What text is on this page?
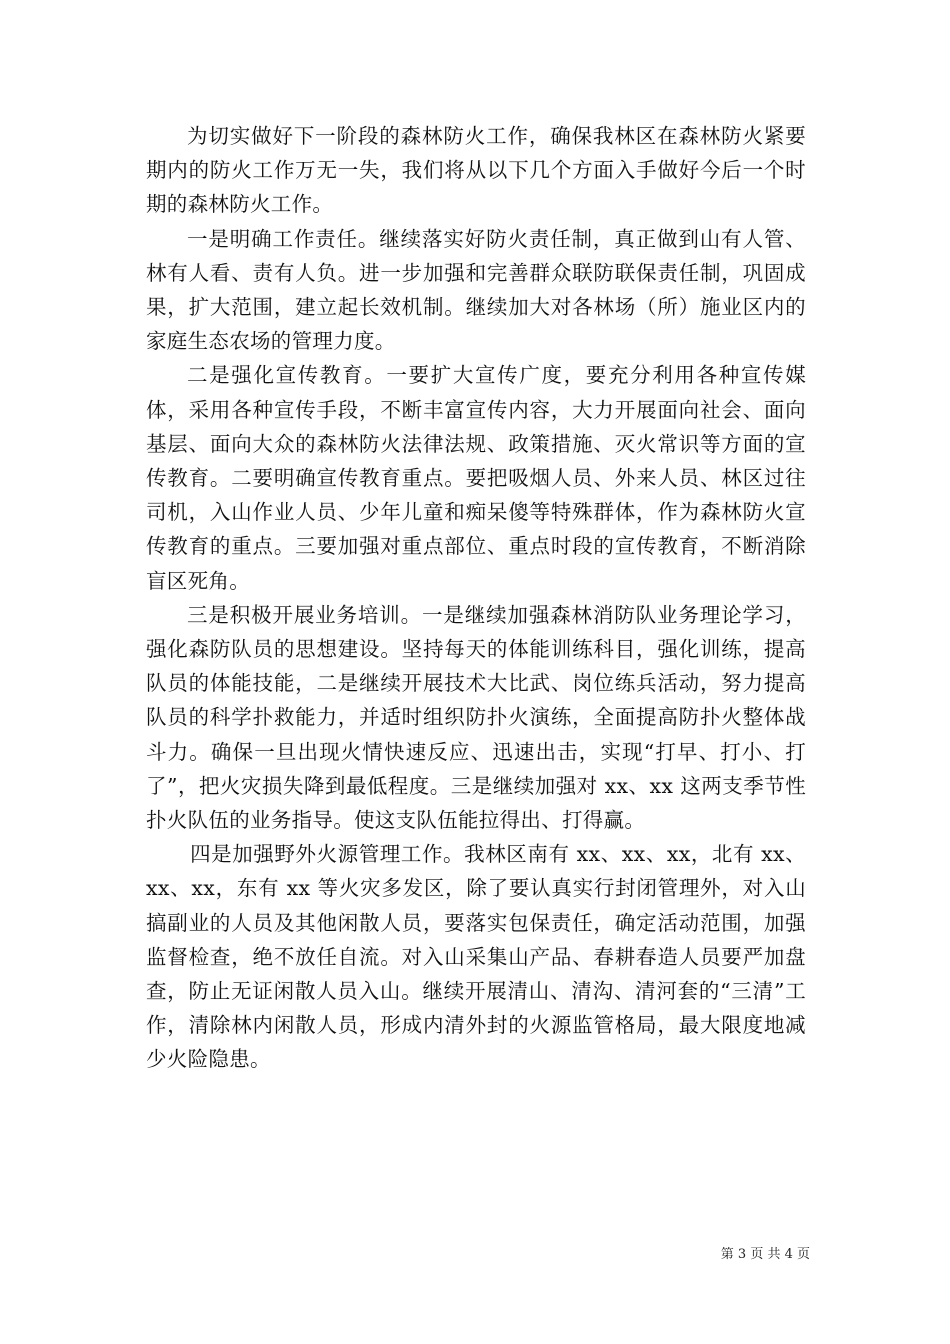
为切实做好下一阶段的森林防火工作，确保我林区在森林防火紧要期内的防火工作万无一失，我们将从以下几个方面入手做好今后一个时期的森林防火工作。

一是明确工作责任。继续落实好防火责任制，真正做到山有人管、林有人看、责有人负。进一步加强和完善群众联防联保责任制，巩固成果，扩大范围，建立起长效机制。继续加大对各林场（所）施业区内的家庭生态农场的管理力度。

二是强化宣传教育。一要扩大宣传广度，要充分利用各种宣传媒体，采用各种宣传手段，不断丰富宣传内容，大力开展面向社会、面向基层、面向大众的森林防火法律法规、政策措施、灭火常识等方面的宣传教育。二要明确宣传教育重点。要把吸烟人员、外来人员、林区过往司机，入山作业人员、少年儿童和痴呆傻等特殊群体，作为森林防火宣传教育的重点。三要加强对重点部位、重点时段的宣传教育，不断消除盲区死角。

三是积极开展业务培训。一是继续加强森林消防队业务理论学习，强化森防队员的思想建设。坚持每天的体能训练科目，强化训练，提高队员的体能技能，二是继续开展技术大比武、岗位练兵活动，努力提高队员的科学扑救能力，并适时组织防扑火演练，全面提高防扑火整体战斗力。确保一旦出现火情快速反应、迅速出击，实现“打早、打小、打了”，把火灾损失降到最低程度。三是继续加强对 xx、xx 这两支季节性扑火队伍的业务指导。使这支队伍能拉得出、打得赢。

四是加强野外火源管理工作。我林区南有 xx、xx、xx，北有 xx、xx、xx，东有 xx 等火灾多发区，除了要认真实行封闭管理外，对入山搞副业的人员及其他闲散人员，要落实包保责任，确定活动范围，加强监督检查，绝不放任自流。对入山采集山产品、春耕春造人员要严加盘查，防止无证闲散人员入山。继续开展清山、清沟、清河套的“三清”工作，清除林内闲散人员，形成内清外封的火源监管格局，最大限度地减少火险隐患。

第 3 页 共 4 页
